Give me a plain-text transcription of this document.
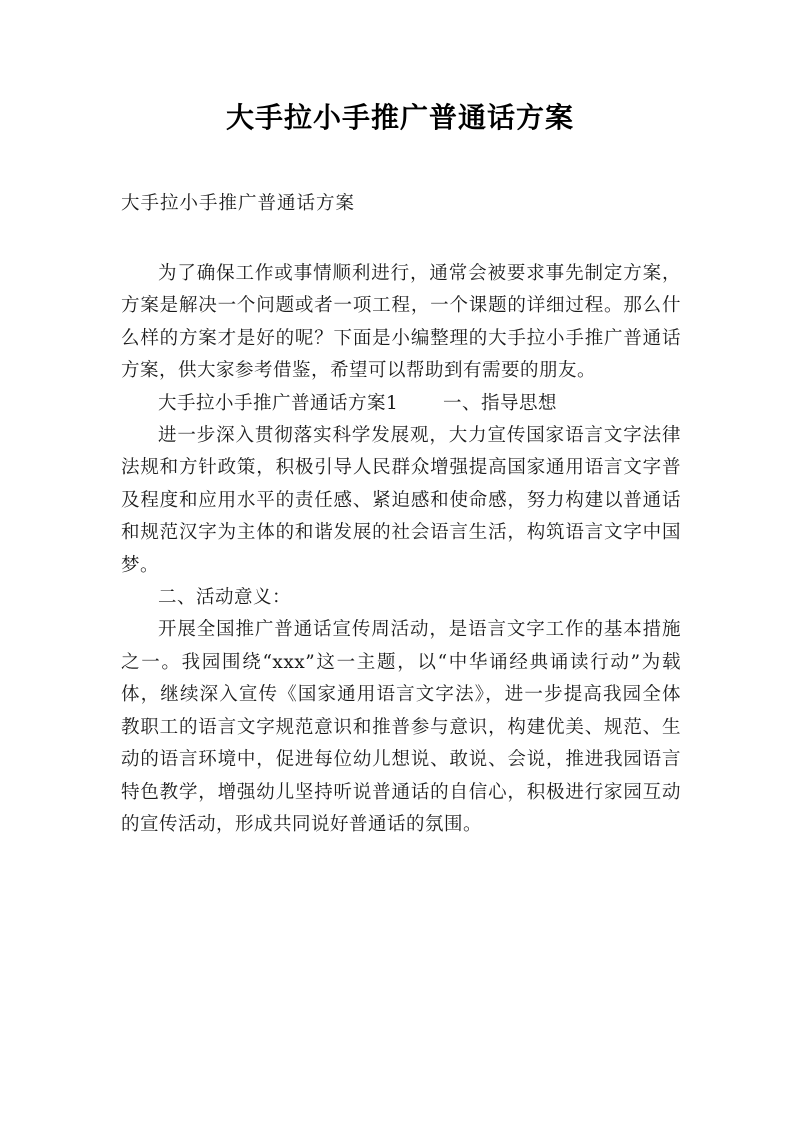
大手拉小手推广普通话方案
大手拉小手推广普通话方案

为了确保工作或事情顺利进行，通常会被要求事先制定方案，方案是解决一个问题或者一项工程，一个课题的详细过程。那么什么样的方案才是好的呢？下面是小编整理的大手拉小手推广普通话方案，供大家参考借鉴，希望可以帮助到有需要的朋友。

大手拉小手推广普通话方案1 一、指导思想

进一步深入贯彻落实科学发展观，大力宣传国家语言文字法律法规和方针政策，积极引导人民群众增强提高国家通用语言文字普及程度和应用水平的责任感、紧迫感和使命感，努力构建以普通话和规范汉字为主体的和谐发展的社会语言生活，构筑语言文字中国梦。

二、活动意义：

开展全国推广普通话宣传周活动，是语言文字工作的基本措施之一。我园围绕“xxx”这一主题，以“中华诵经典诵读行动”为载体，继续深入宣传《国家通用语言文字法》，进一步提高我园全体教职工的语言文字规范意识和推普参与意识，构建优美、规范、生动的语言环境中，促进每位幼儿想说、敢说、会说，推进我园语言特色教学，增强幼儿坚持听说普通话的自信心，积极进行家园互动的宣传活动，形成共同说好普通话的氛围。
